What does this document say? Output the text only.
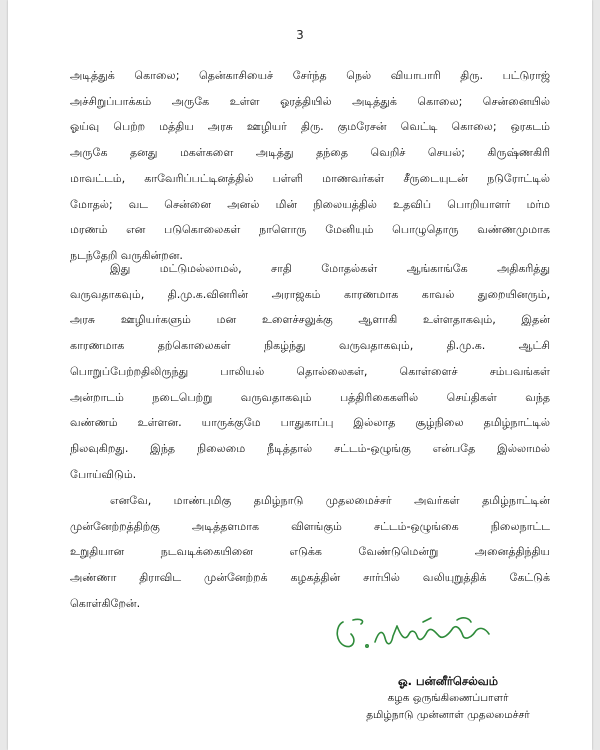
3
அடித்துக் கொலை; தென்காசியைச் சேர்ந்த நெல் வியாபாரி திரு. பட்டுராஜ்
அச்சிறுப்பாக்கம் அருகே உள்ள ஓரத்தியில் அடித்துக் கொலை; சென்னையில்
ஓய்வு பெற்ற மத்திய அரசு ஊழியர் திரு. குமரேசன் வெட்டி கொலை; ஒரகடம்
அருகே தனது மகள்களை அடித்து தந்தை வெறிச் செயல்; கிருஷ்ணகிரி
மாவட்டம், காவேரிப்பட்டினத்தில் பள்ளி மாணவர்கள் சீருடையுடன் நடுரோட்டில்
மோதல்; வட சென்னை அனல் மின் நிலையத்தில் உதவிப் பொறியாளர் மர்ம
மரணம் என படுகொலைகள் நாளொரு மேனியும் பொழுதொரு வண்ணமுமாக
நடந்தேறி வருகின்றன.
இது மட்டுமல்லாமல், சாதி மோதல்கள் ஆங்காங்கே அதிகரித்து
வருவதாகவும், தி.மு.க.வினரின் அராஜகம் காரணமாக காவல் துறையினரும்,
அரசு ஊழியர்களும் மன உளைச்சலுக்கு ஆளாகி உள்ளதாகவும், இதன்
காரணமாக தற்கொலைகள் நிகழ்ந்து வருவதாகவும், தி.மு.க. ஆட்சி
பொறுப்பேற்றதிலிருந்து பாலியல் தொல்லைகள், கொள்ளைச் சம்பவங்கள்
அன்றாடம் நடைபெற்று வருவதாகவும் பத்திரிகைகளில் செய்திகள் வந்த
வண்ணம் உள்ளன. யாருக்குமே பாதுகாப்பு இல்லாத சூழ்நிலை தமிழ்நாட்டில்
நிலவுகிறது. இந்த நிலைமை நீடித்தால் சட்டம்-ஒழுங்கு என்பதே இல்லாமல்
போய்விடும்.
எனவே, மாண்புமிகு தமிழ்நாடு முதலமைச்சர் அவர்கள் தமிழ்நாட்டின்
முன்னேற்றத்திற்கு அடித்தளமாக விளங்கும் சட்டம்-ஒழுங்கை நிலைநாட்ட
உறுதியான நடவடிக்கையினை எடுக்க வேண்டுமென்று அனைத்திந்திய
அண்ணா திராவிட முன்னேற்றக் கழகத்தின் சார்பில் வலியுறுத்திக் கேட்டுக்
கொள்கிறேன்.
ஓ. பன்னீர்செல்வம்
கழக ஒருங்கிணைப்பாளர்
தமிழ்நாடு முன்னாள் முதலமைச்சர்
